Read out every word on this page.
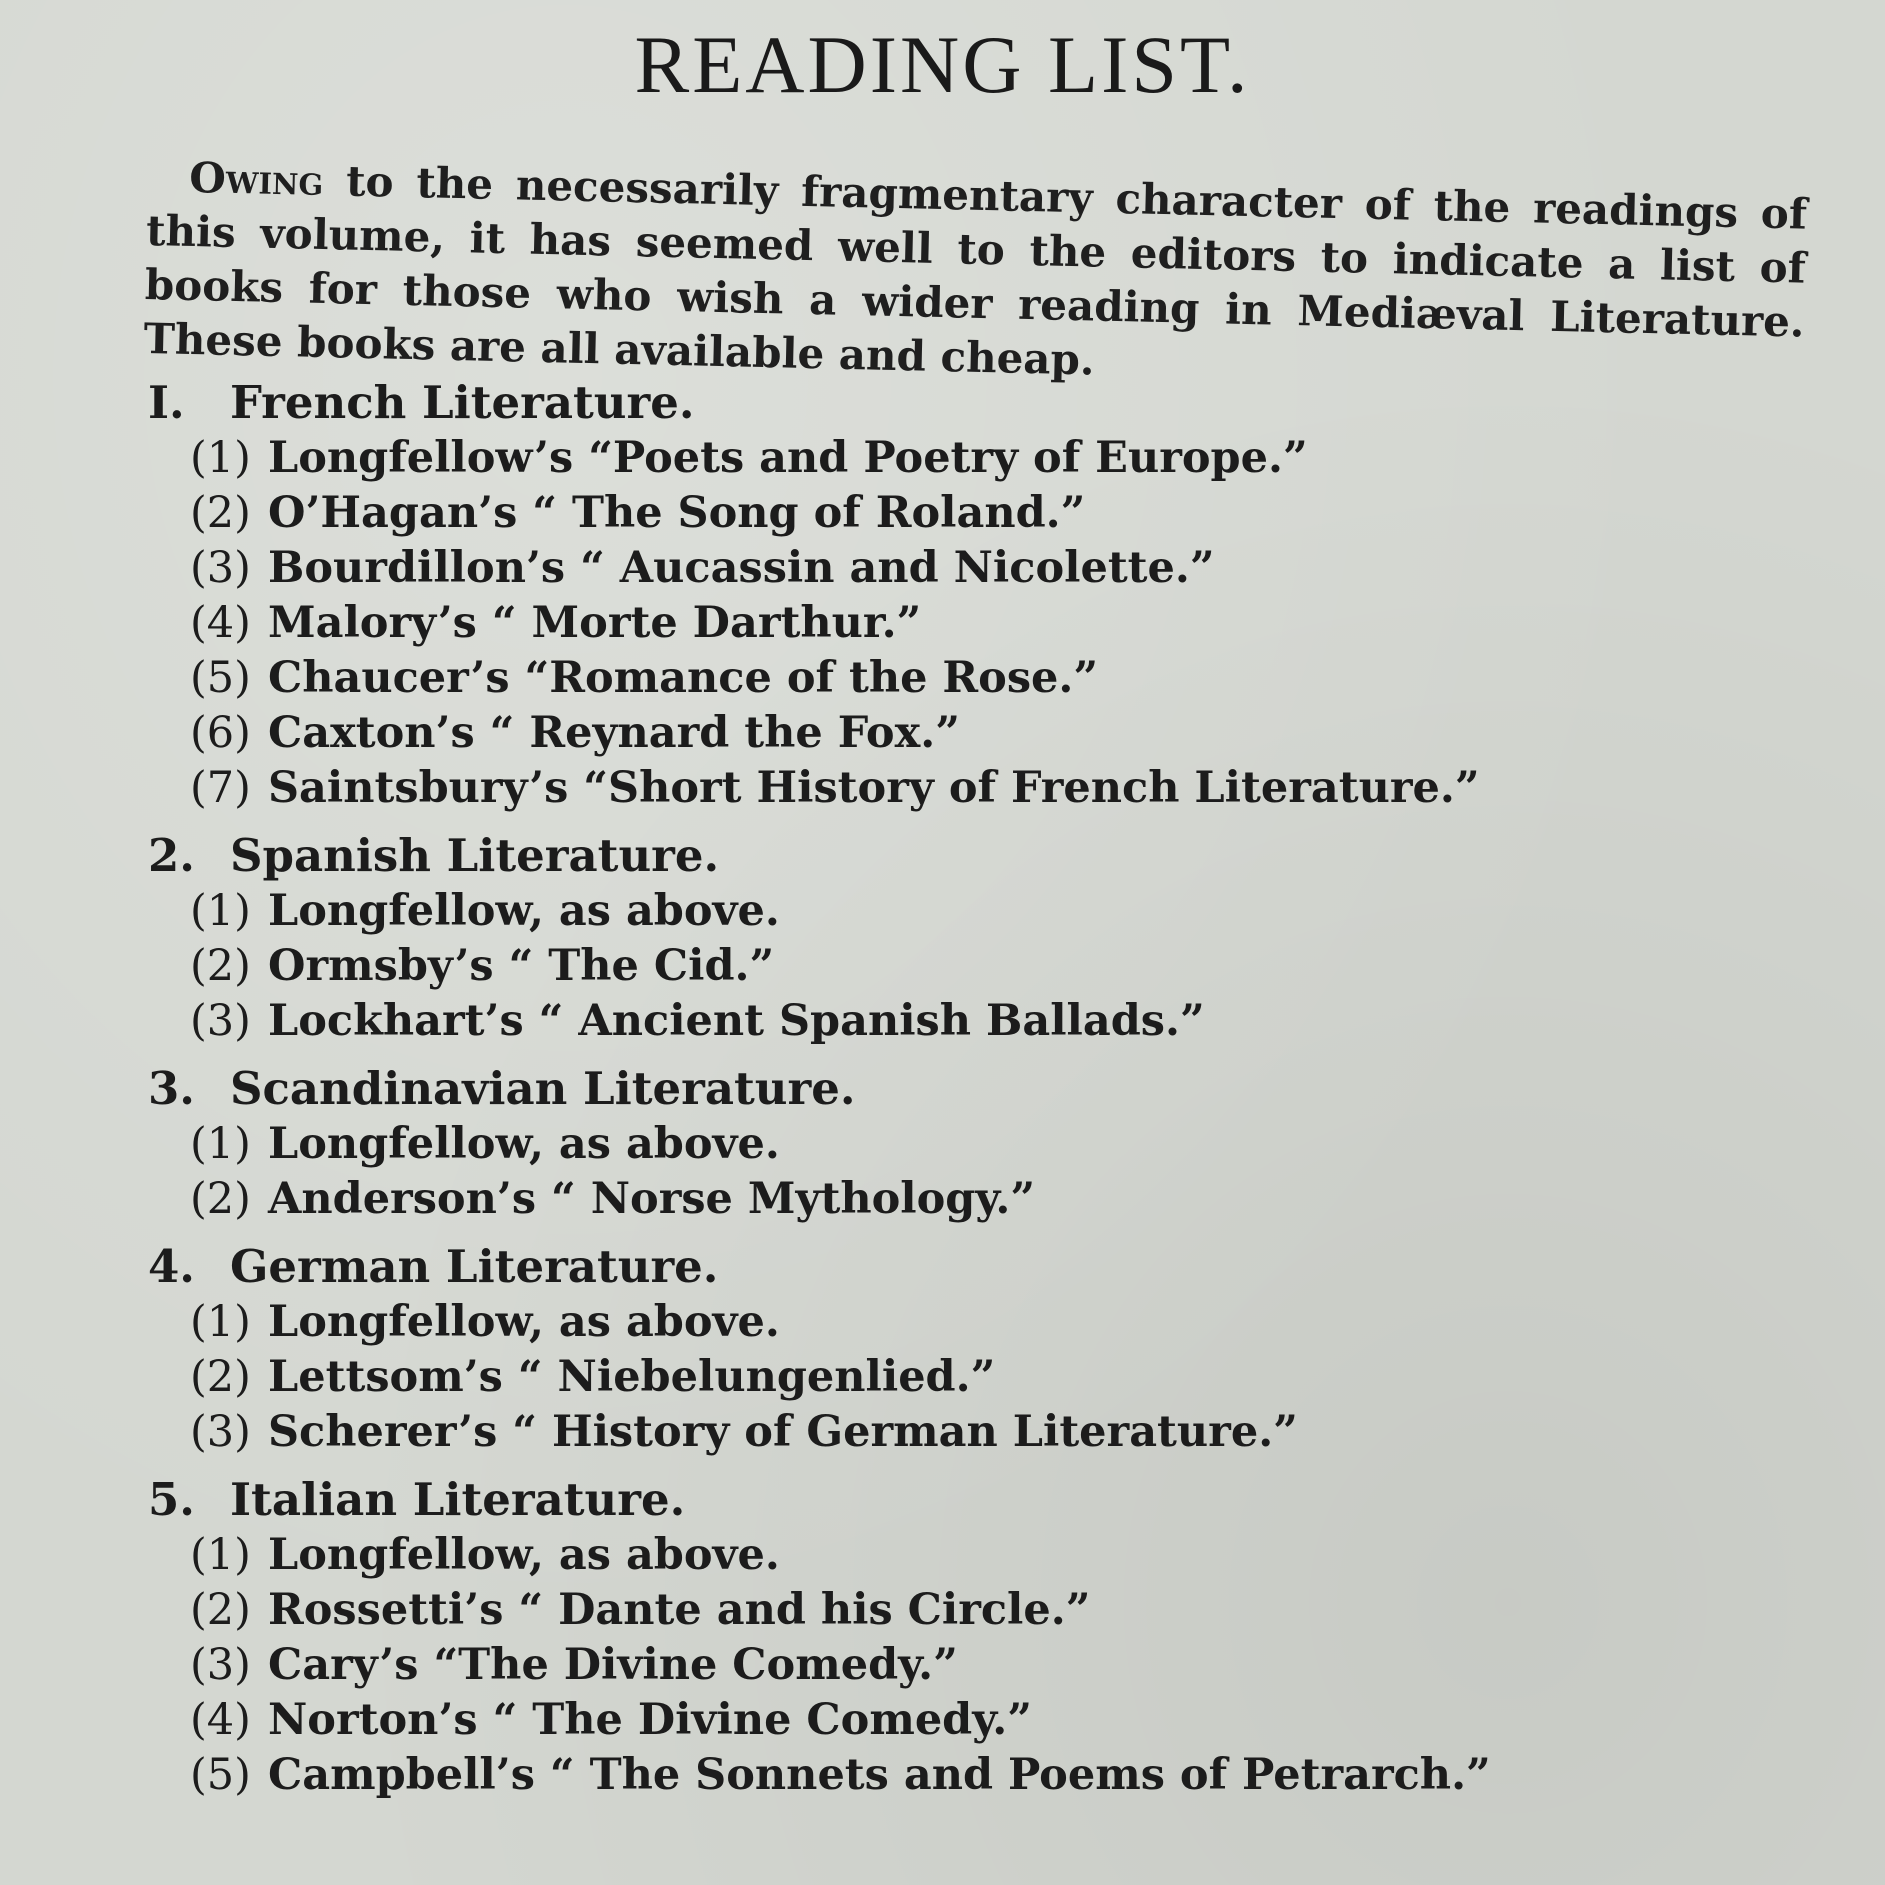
READING LIST.

Owing to the necessarily fragmentary character of the readings of this volume, it has seemed well to the editors to indicate a list of books for those who wish a wider reading in Mediæval Literature. These books are all available and cheap.

I. French Literature.
(1) Longfellow’s “Poets and Poetry of Europe.”
(2) O’Hagan’s “ The Song of Roland.”
(3) Bourdillon’s “ Aucassin and Nicolette.”
(4) Malory’s “ Morte Darthur.”
(5) Chaucer’s “Romance of the Rose.”
(6) Caxton’s “ Reynard the Fox.”
(7) Saintsbury’s “Short History of French Literature.”
2. Spanish Literature.
(1) Longfellow, as above.
(2) Ormsby’s “ The Cid.”
(3) Lockhart’s “ Ancient Spanish Ballads.”
3. Scandinavian Literature.
(1) Longfellow, as above.
(2) Anderson’s “ Norse Mythology.”
4. German Literature.
(1) Longfellow, as above.
(2) Lettsom’s “ Niebelungenlied.”
(3) Scherer’s “ History of German Literature.”
5. Italian Literature.
(1) Longfellow, as above.
(2) Rossetti’s “ Dante and his Circle.”
(3) Cary’s “The Divine Comedy.”
(4) Norton’s “ The Divine Comedy.”
(5) Campbell’s “ The Sonnets and Poems of Petrarch.”
